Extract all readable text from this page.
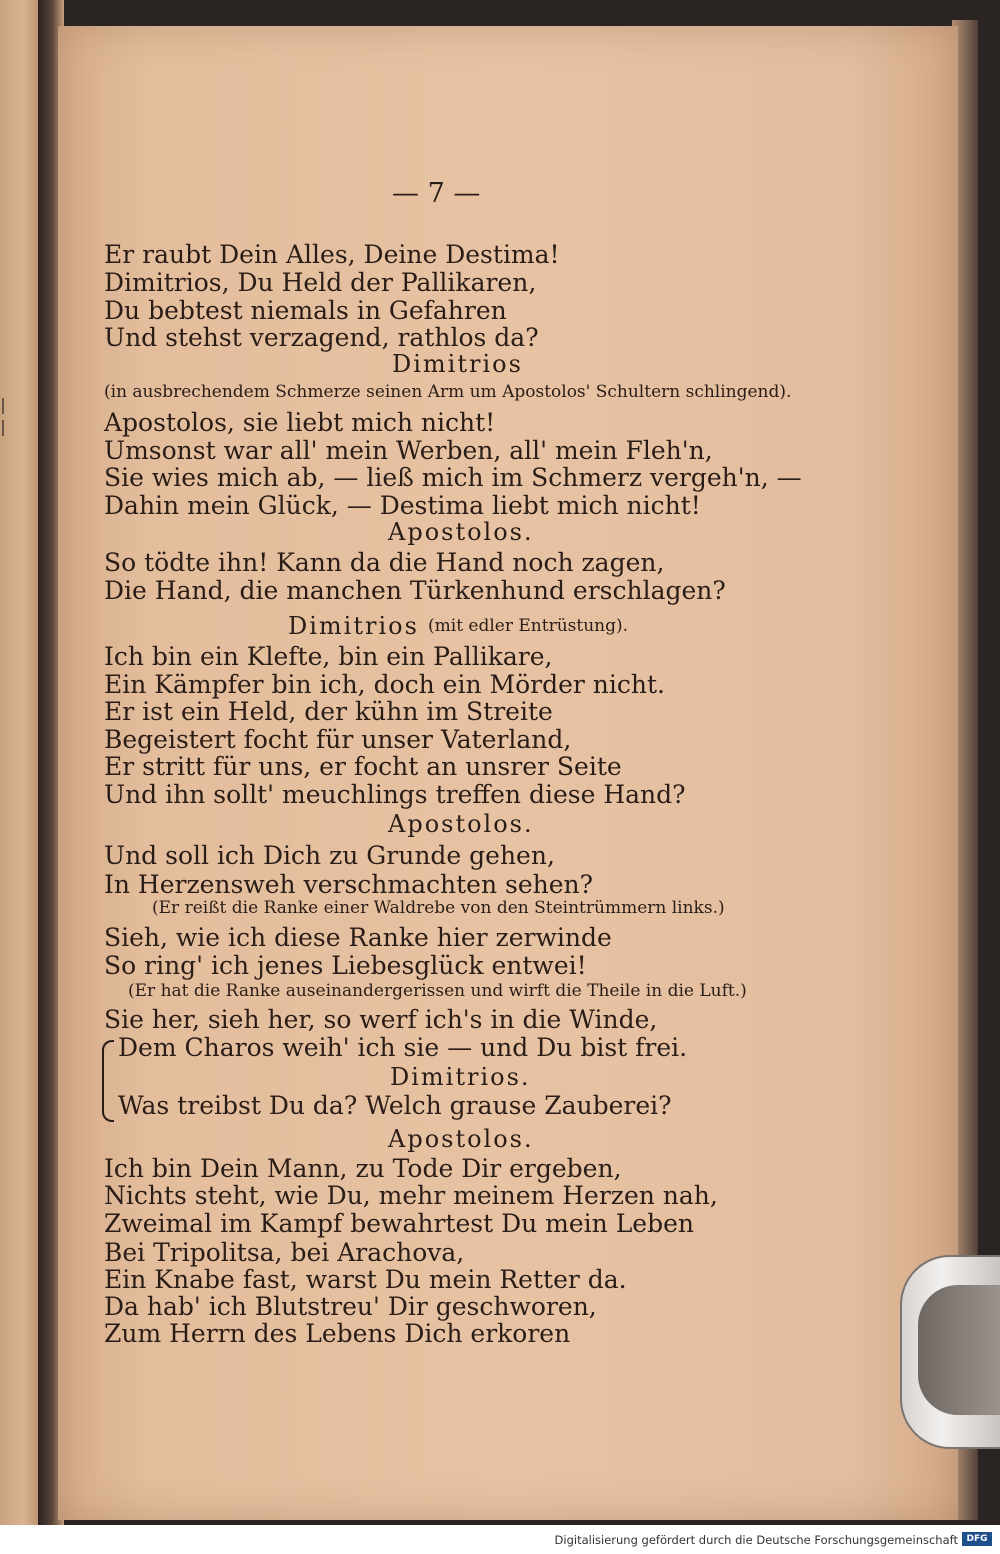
— 7 —
Er raubt Dein Alles, Deine Destima!
Dimitrios, Du Held der Pallikaren,
Du bebtest niemals in Gefahren
Und stehst verzagend, rathlos da?
Dimitrios
(in ausbrechendem Schmerze seinen Arm um Apostolos' Schultern schlingend).
Apostolos, sie liebt mich nicht!
Umsonst war all' mein Werben, all' mein Fleh'n,
Sie wies mich ab, — ließ mich im Schmerz vergeh'n, —
Dahin mein Glück, — Destima liebt mich nicht!
Apostolos.
So tödte ihn! Kann da die Hand noch zagen,
Die Hand, die manchen Türkenhund erschlagen?
Dimitrios (mit edler Entrüstung).
Ich bin ein Klefte, bin ein Pallikare,
Ein Kämpfer bin ich, doch ein Mörder nicht.
Er ist ein Held, der kühn im Streite
Begeistert focht für unser Vaterland,
Er stritt für uns, er focht an unsrer Seite
Und ihn sollt' meuchlings treffen diese Hand?
Apostolos.
Und soll ich Dich zu Grunde gehen,
In Herzensweh verschmachten sehen?
(Er reißt die Ranke einer Waldrebe von den Steintrümmern links.)
Sieh, wie ich diese Ranke hier zerwinde
So ring' ich jenes Liebesglück entwei!
(Er hat die Ranke auseinandergerissen und wirft die Theile in die Luft.)
Sie her, sieh her, so werf ich's in die Winde,
Dem Charos weih' ich sie — und Du bist frei.
Dimitrios.
Was treibst Du da? Welch grause Zauberei?
Apostolos.
Ich bin Dein Mann, zu Tode Dir ergeben,
Nichts steht, wie Du, mehr meinem Herzen nah,
Zweimal im Kampf bewahrtest Du mein Leben
Bei Tripolitsa, bei Arachova,
Ein Knabe fast, warst Du mein Retter da.
Da hab' ich Blutstreu' Dir geschworen,
Zum Herrn des Lebens Dich erkoren
Digitalisierung gefördert durch die Deutsche Forschungsgemeinschaft DFG
